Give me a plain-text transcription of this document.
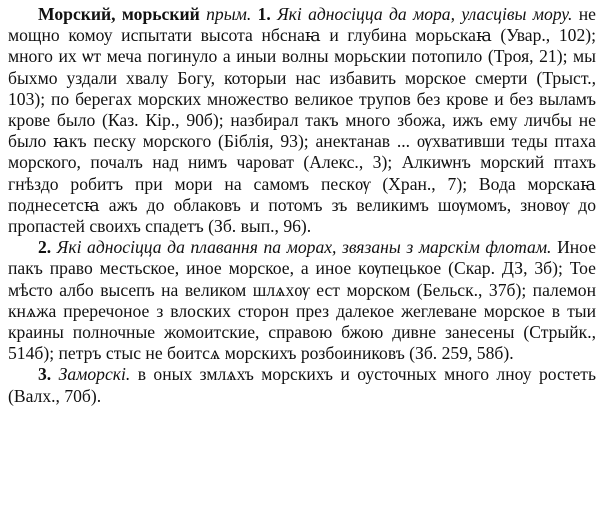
Морский, морьский прым. 1. Які адносіцца да мора, уласцівы мору. не мощно комоу испытати высота нбснаꙗ и глубина морьскаꙗ (Увар., 102); много их ѡт меча погинуло а иныи волны морьскии потопило (Троя, 21); мы быхмо уздали хвалу Богу, которыи нас избавить морское смерти (Трыст., 103); по берегах морских множество великое трупов без крове и без выламъ крове было (Каз. Кір., 90б); назбирал такъ много збожа, ижъ ему личбы не было ꙗкъ песку морского (Біблія, 93); анектанав ... ѹхвативши теды птаха морского, почалъ над нимъ чароват (Алекс., 3); Алкиѡнъ морский птахъ гнѣздо робитъ при мори на самомъ пескѹ (Хран., 7); Вода морскаꙗ поднесетсꙗ ажъ до облаковъ и потомъ зъ великимъ шѹмомъ, зновѹ до пропастей своихъ спадетъ (Зб. вып., 96).

2. Які адносіцца да плавання па морах, звязаны з марскім флотам. Иное пакъ право местьское, иное морское, а иное кѹпецькое (Скар. ДЗ, 3б); Тое мѣсто албо высепъ на великом шлѧхѹ ест морском (Бельск., 37б); палемон кнѧжа преречоное з влоских сторон през далекое жеглеване морское в тыи краины полночные жомоитские, справою бжою дивне занесены (Стрыйк., 514б); петръ стыс не боитсѧ морскихъ розбоиниковъ (Зб. 259, 58б).

3. Заморскі. в оных змлѧхъ морскихъ и оусточных много лноу ростеть (Валх., 70б).
